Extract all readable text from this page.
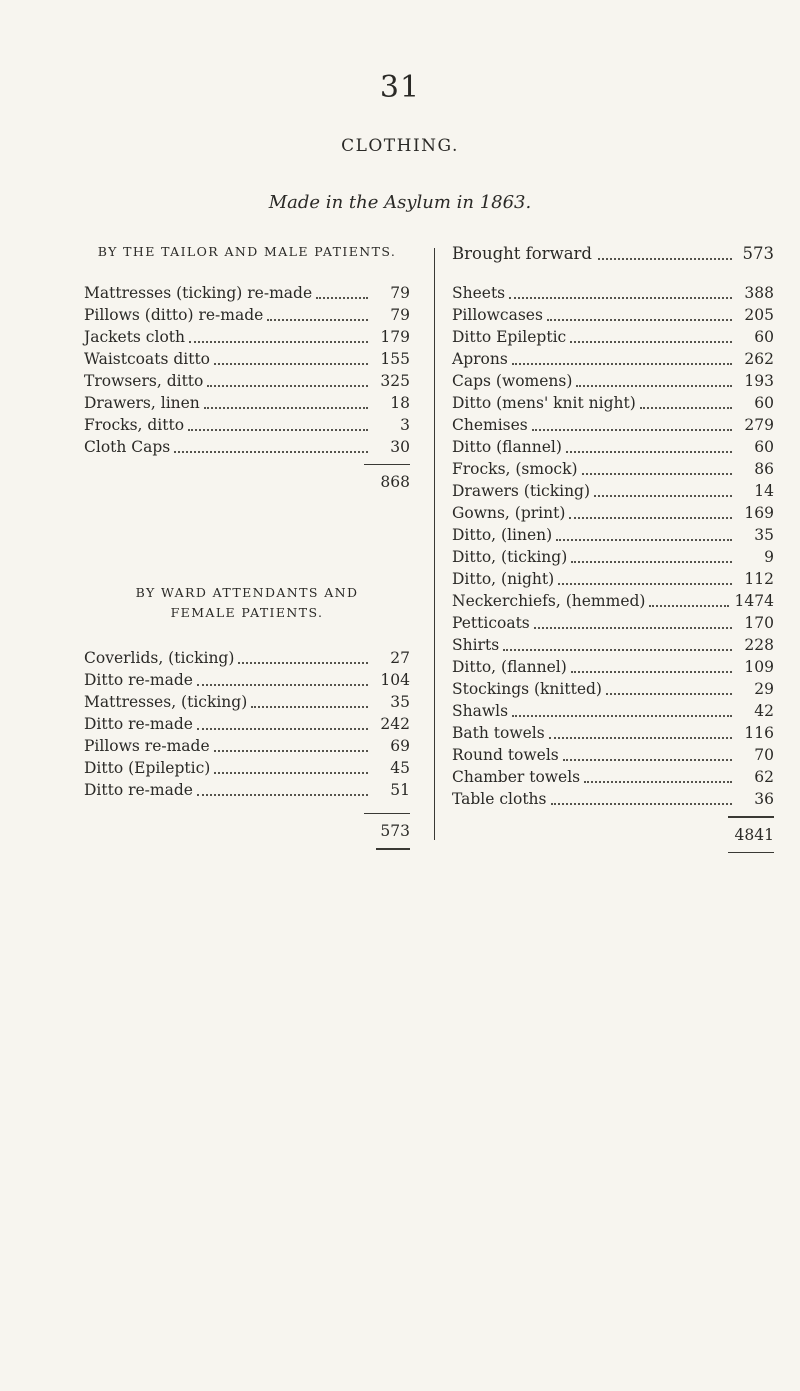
31
CLOTHING.
Made in the Asylum in 1863.
BY THE TAILOR AND MALE PATIENTS.
Mattresses (ticking) re-made	79
Pillows (ditto) re-made	79
Jackets cloth	179
Waistcoats ditto	155
Trowsers, ditto	325
Drawers, linen	18
Frocks, ditto	3
Cloth Caps	30
868
BY WARD ATTENDANTS AND
FEMALE PATIENTS.
Coverlids, (ticking)	27
Ditto re-made	104
Mattresses, (ticking)	35
Ditto re-made	242
Pillows re-made	69
Ditto (Epileptic)	45
Ditto re-made	51
573
Brought forward	573
Sheets	388
Pillowcases	205
Ditto Epileptic	60
Aprons	262
Caps (womens)	193
Ditto (mens' knit night)	60
Chemises	279
Ditto (flannel)	60
Frocks, (smock)	86
Drawers (ticking)	14
Gowns, (print)	169
Ditto, (linen)	35
Ditto, (ticking)	9
Ditto, (night)	112
Neckerchiefs, (hemmed)	1474
Petticoats	170
Shirts	228
Ditto, (flannel)	109
Stockings (knitted)	29
Shawls	42
Bath towels	116
Round towels	70
Chamber towels	62
Table cloths	36
4841
